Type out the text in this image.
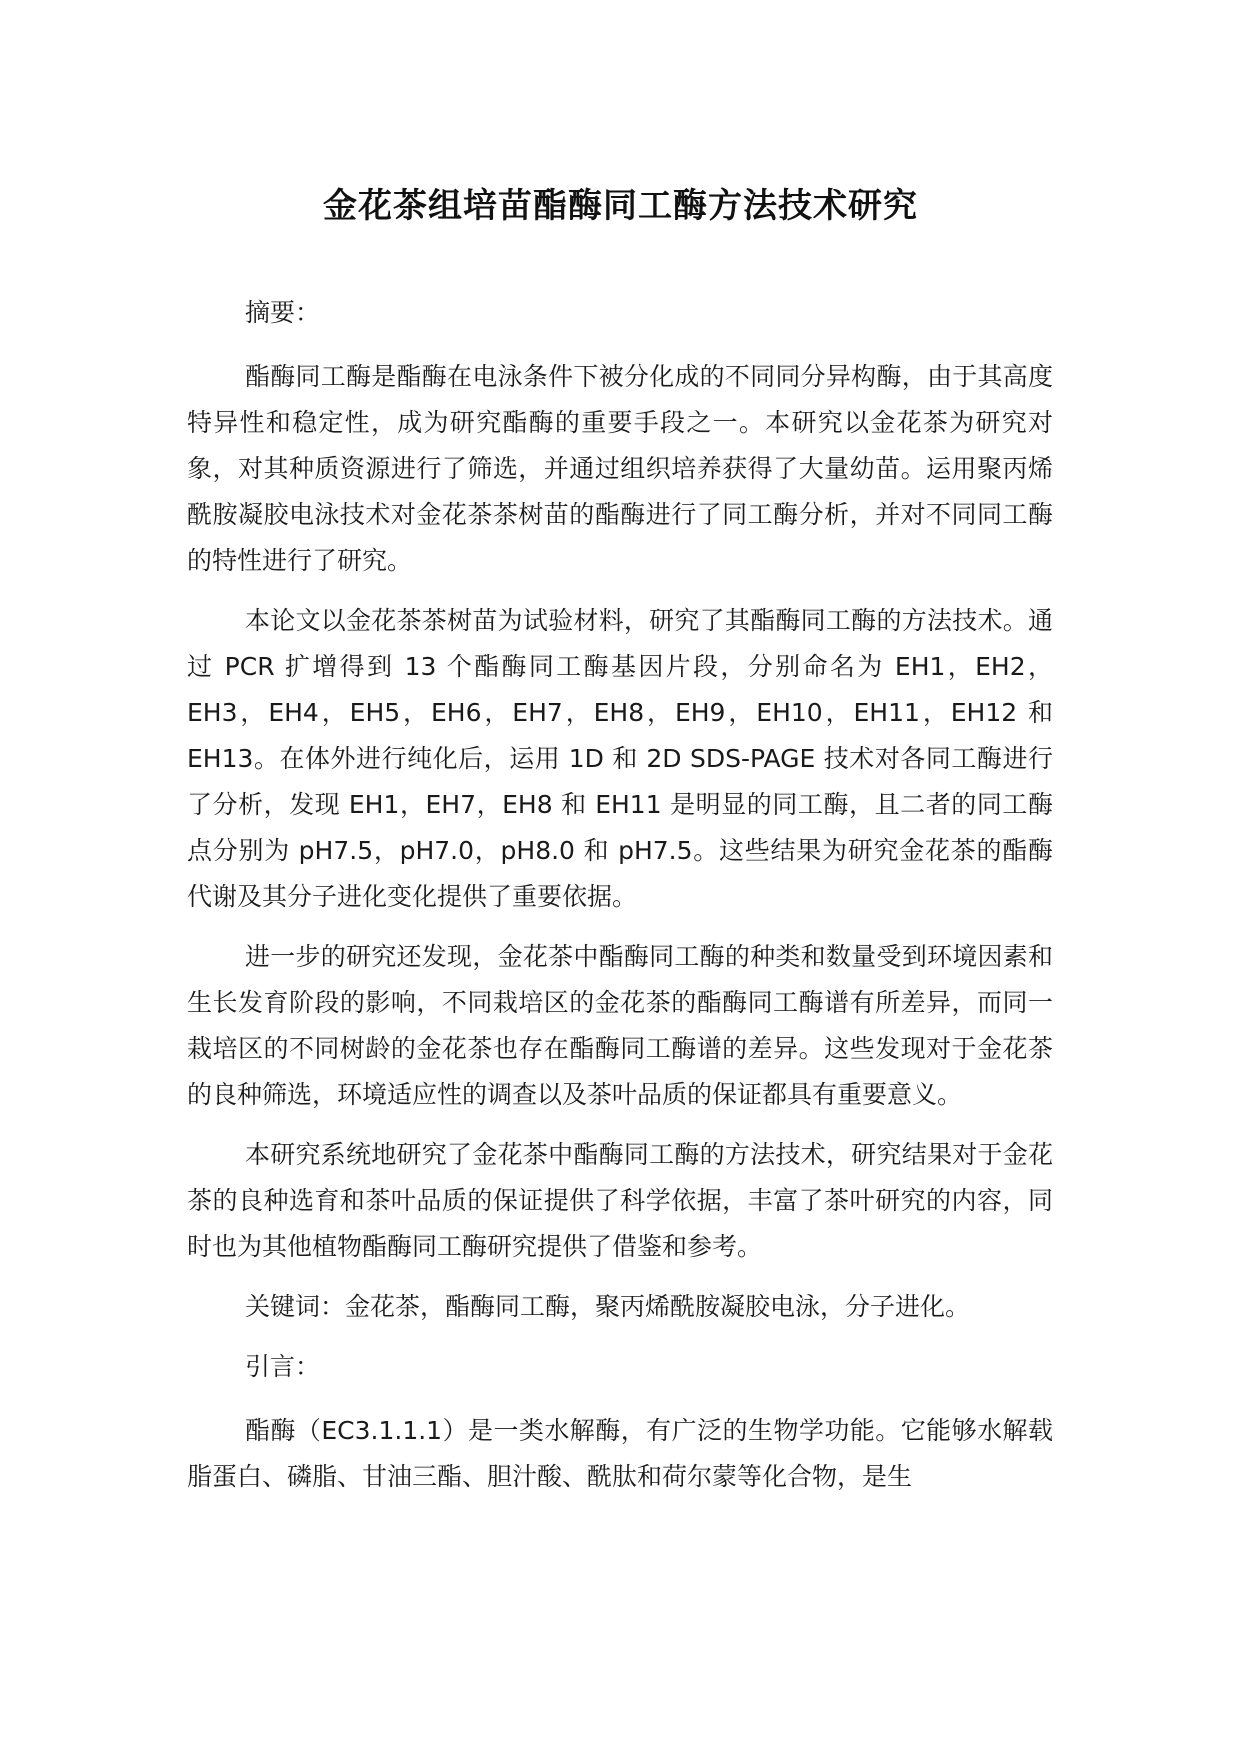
金花茶组培苗酯酶同工酶方法技术研究

摘要：

酯酶同工酶是酯酶在电泳条件下被分化成的不同同分异构酶，由于其高度特异性和稳定性，成为研究酯酶的重要手段之一。本研究以金花茶为研究对象，对其种质资源进行了筛选，并通过组织培养获得了大量幼苗。运用聚丙烯酰胺凝胶电泳技术对金花茶茶树苗的酯酶进行了同工酶分析，并对不同同工酶的特性进行了研究。

本论文以金花茶茶树苗为试验材料，研究了其酯酶同工酶的方法技术。通过 PCR 扩增得到 13 个酯酶同工酶基因片段，分别命名为 EH1，EH2，EH3，EH4，EH5，EH6，EH7，EH8，EH9，EH10，EH11，EH12 和 EH13。在体外进行纯化后，运用 1D 和 2D SDS-PAGE 技术对各同工酶进行了分析，发现 EH1，EH7，EH8 和 EH11 是明显的同工酶，且二者的同工酶点分别为 pH7.5，pH7.0，pH8.0 和 pH7.5。这些结果为研究金花茶的酯酶代谢及其分子进化变化提供了重要依据。

进一步的研究还发现，金花茶中酯酶同工酶的种类和数量受到环境因素和生长发育阶段的影响，不同栽培区的金花茶的酯酶同工酶谱有所差异，而同一栽培区的不同树龄的金花茶也存在酯酶同工酶谱的差异。这些发现对于金花茶的良种筛选，环境适应性的调查以及茶叶品质的保证都具有重要意义。

本研究系统地研究了金花茶中酯酶同工酶的方法技术，研究结果对于金花茶的良种选育和茶叶品质的保证提供了科学依据，丰富了茶叶研究的内容，同时也为其他植物酯酶同工酶研究提供了借鉴和参考。

关键词：金花茶，酯酶同工酶，聚丙烯酰胺凝胶电泳，分子进化。

引言：

酯酶（EC3.1.1.1）是一类水解酶，有广泛的生物学功能。它能够水解载脂蛋白、磷脂、甘油三酯、胆汁酸、酰肽和荷尔蒙等化合物，是生
